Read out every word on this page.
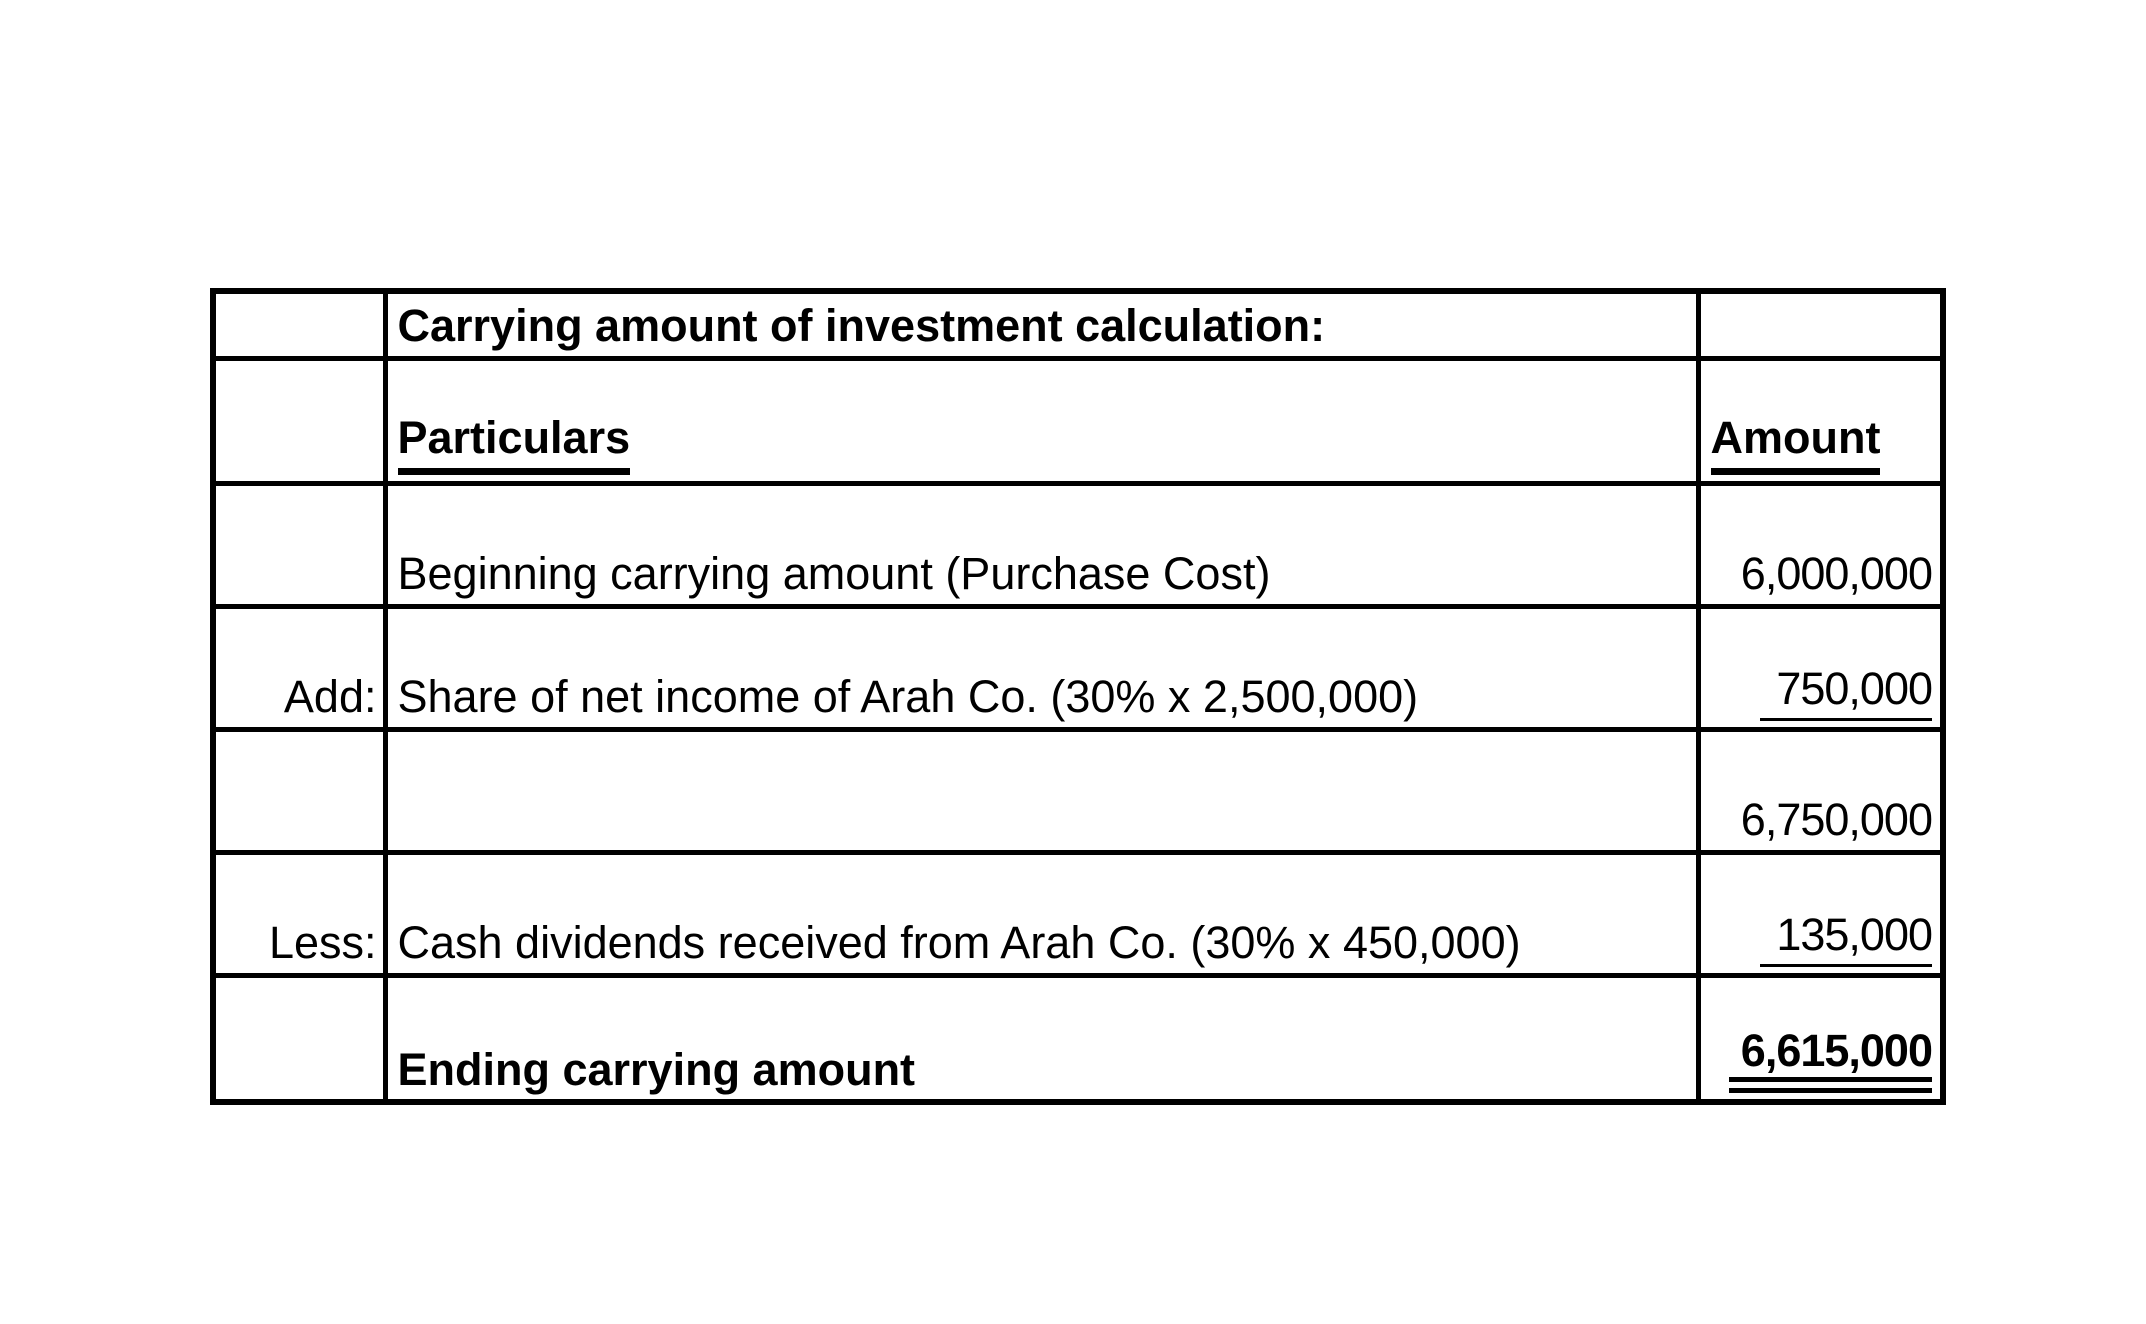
	Carrying amount of investment calculation:	
	Particulars	Amount
	Beginning carrying amount (Purchase Cost)	6,000,000
Add:	Share of net income of Arah Co. (30% x 2,500,000)	750,000
		6,750,000
Less:	Cash dividends received from Arah Co. (30% x 450,000)	135,000
	Ending carrying amount	6,615,000
